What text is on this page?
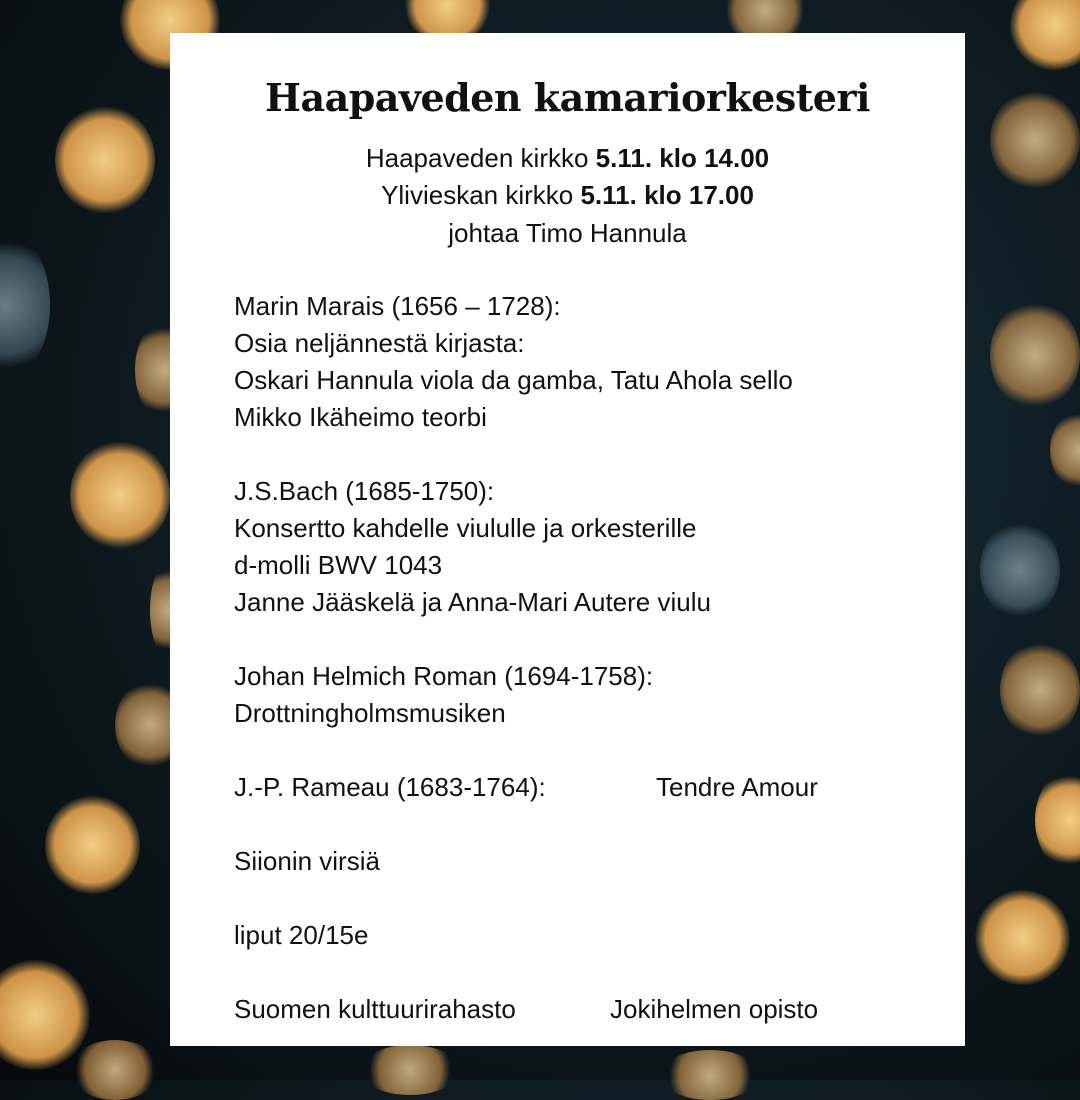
Haapaveden kamariorkesteri
Haapaveden kirkko 5.11. klo 14.00
Ylivieskan kirkko 5.11. klo 17.00
johtaa Timo Hannula
Marin Marais (1656 – 1728):
Osia neljännestä kirjasta:
Oskari Hannula viola da gamba, Tatu Ahola sello
Mikko Ikäheimo teorbi
J.S.Bach (1685-1750):
Konsertto kahdelle viululle ja orkesterille
d-molli BWV 1043
Janne Jääskelä ja Anna-Mari Autere viulu
Johan Helmich Roman (1694-1758):
Drottningholmsmusiken
J.-P. Rameau (1683-1764):	Tendre Amour
Siionin virsiä
liput 20/15e
Suomen kulttuurirahasto	Jokihelmen opisto
